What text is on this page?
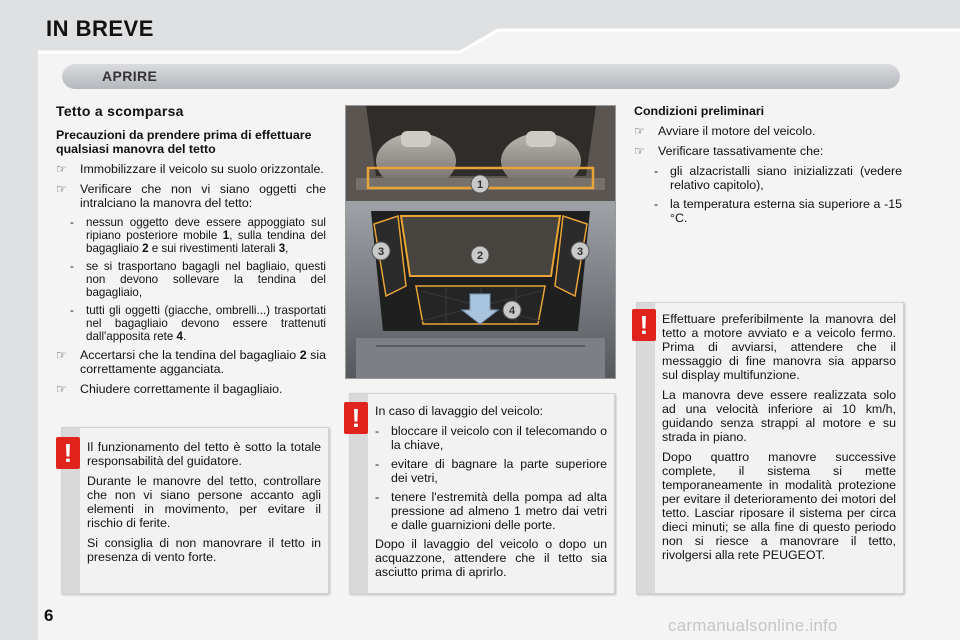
IN BREVE
APRIRE
Tetto a scomparsa
Precauzioni da prendere prima di effettuare qualsiasi manovra del tetto
☞ Immobilizzare il veicolo su suolo orizzontale.
☞ Verificare che non vi siano oggetti che intralciano la manovra del tetto:
- nessun oggetto deve essere appoggiato sul ripiano posteriore mobile 1, sulla tendina del bagagliaio 2 e sui rivestimenti laterali 3,
- se si trasportano bagagli nel bagliaio, questi non devono sollevare la tendina del bagagliaio,
- tutti gli oggetti (giacche, ombrelli...) trasportati nel bagagliaio devono essere trattenuti dall'apposita rete 4.
☞ Accertarsi che la tendina del bagagliaio 2 sia correttamente agganciata.
☞ Chiudere correttamente il bagagliaio.

Il funzionamento del tetto è sotto la totale responsabilità del guidatore.

Durante le manovre del tetto, controllare che non vi siano persone accanto agli elementi in movimento, per evitare il rischio di ferite.

Si consiglia di non manovrare il tetto in presenza di vento forte.

!
1
2
3	3
4

In caso di lavaggio del veicolo:

- bloccare il veicolo con il telecomando o la chiave,
- evitare di bagnare la parte superiore dei vetri,
- tenere l'estremità della pompa ad alta pressione ad almeno 1 metro dai vetri e dalle guarnizioni delle porte.

Dopo il lavaggio del veicolo o dopo un acquazzone, attendere che il tetto sia asciutto prima di aprirlo.

!
Condizioni preliminari
☞ Avviare il motore del veicolo.
☞ Verificare tassativamente che:
- gli alzacristalli siano inizializzati (vedere relativo capitolo),
- la temperatura esterna sia superiore a -15 °C.

Effettuare preferibilmente la manovra del tetto a motore avviato e a veicolo fermo. Prima di avviarsi, attendere che il messaggio di fine manovra sia apparso sul display multifunzione.

La manovra deve essere realizzata solo ad una velocità inferiore ai 10 km/h, guidando senza strappi al motore e su strada in piano.

Dopo quattro manovre successive complete, il sistema si mette temporaneamente in modalità protezione per evitare il deterioramento dei motori del tetto. Lasciar riposare il sistema per circa dieci minuti; se alla fine di questo periodo non si riesce a manovrare il tetto, rivolgersi alla rete PEUGEOT.

!
6
carmanualsonline.info
